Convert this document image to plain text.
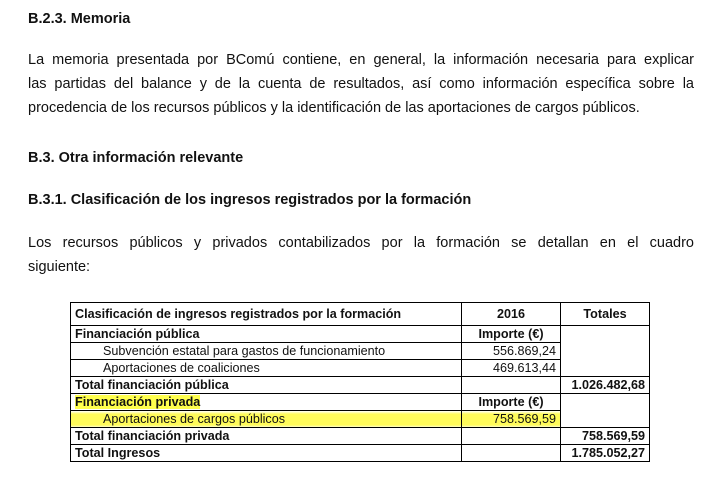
B.2.3. Memoria
La memoria presentada por BComú contiene, en general, la información necesaria para explicar
las partidas del balance y de la cuenta de resultados, así como información específica sobre la
procedencia de los recursos públicos y la identificación de las aportaciones de cargos públicos.
B.3. Otra información relevante
B.3.1. Clasificación de los ingresos registrados por la formación
Los recursos públicos y privados contabilizados por la formación se detallan en el cuadro
siguiente:
Clasificación de ingresos registrados por la formación	2016	Totales
Financiación pública	Importe (€)	
Subvención estatal para gastos de funcionamiento	556.869,24	
Aportaciones de coaliciones	469.613,44	
Total financiación pública		1.026.482,68
Financiación privada	Importe (€)	
Aportaciones de cargos públicos	758.569,59	
Total financiación privada		758.569,59
Total Ingresos		1.785.052,27
